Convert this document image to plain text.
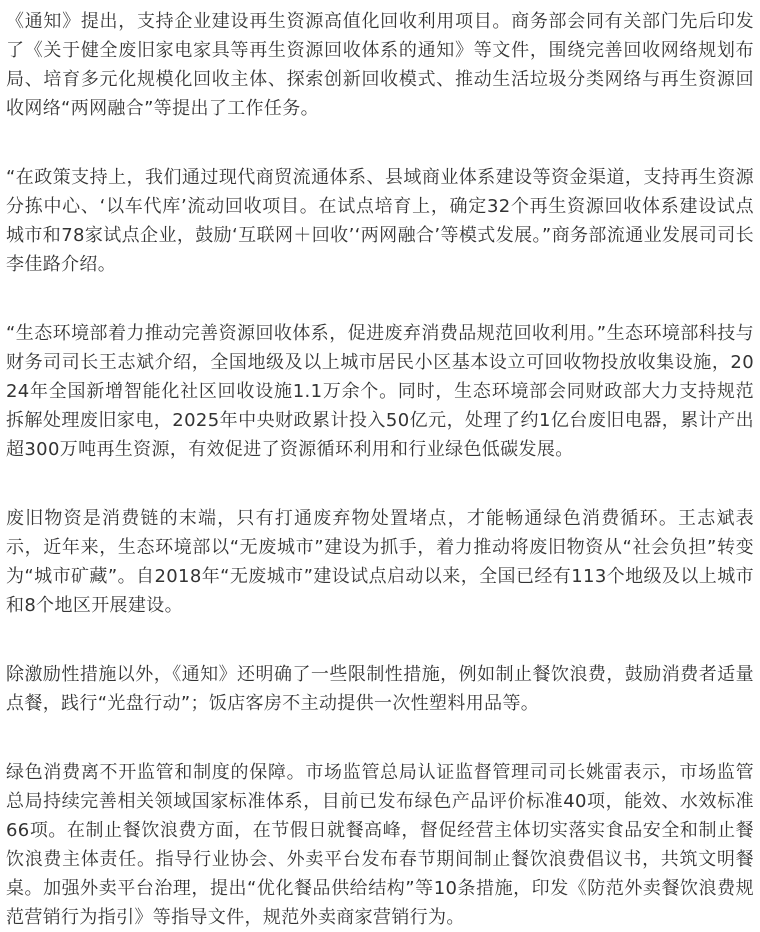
《通知》提出，支持企业建设再生资源高值化回收利用项目。商务部会同有关部门先后印发了《关于健全废旧家电家具等再生资源回收体系的通知》等文件，围绕完善回收网络规划布局、培育多元化规模化回收主体、探索创新回收模式、推动生活垃圾分类网络与再生资源回收网络“两网融合”等提出了工作任务。

“在政策支持上，我们通过现代商贸流通体系、县域商业体系建设等资金渠道，支持再生资源分拣中心、‘以车代库’流动回收项目。在试点培育上，确定32个再生资源回收体系建设试点城市和78家试点企业，鼓励‘互联网＋回收’‘两网融合’等模式发展。”商务部流通业发展司司长李佳路介绍。

“生态环境部着力推动完善资源回收体系，促进废弃消费品规范回收利用。”生态环境部科技与财务司司长王志斌介绍，全国地级及以上城市居民小区基本设立可回收物投放收集设施，2024年全国新增智能化社区回收设施1.1万余个。同时，生态环境部会同财政部大力支持规范拆解处理废旧家电，2025年中央财政累计投入50亿元，处理了约1亿台废旧电器，累计产出超300万吨再生资源，有效促进了资源循环利用和行业绿色低碳发展。

废旧物资是消费链的末端，只有打通废弃物处置堵点，才能畅通绿色消费循环。王志斌表示，近年来，生态环境部以“无废城市”建设为抓手，着力推动将废旧物资从“社会负担”转变为“城市矿藏”。自2018年“无废城市”建设试点启动以来，全国已经有113个地级及以上城市和8个地区开展建设。

除激励性措施以外，《通知》还明确了一些限制性措施，例如制止餐饮浪费，鼓励消费者适量点餐，践行“光盘行动”；饭店客房不主动提供一次性塑料用品等。

绿色消费离不开监管和制度的保障。市场监管总局认证监督管理司司长姚雷表示，市场监管总局持续完善相关领域国家标准体系，目前已发布绿色产品评价标准40项，能效、水效标准66项。在制止餐饮浪费方面，在节假日就餐高峰，督促经营主体切实落实食品安全和制止餐饮浪费主体责任。指导行业协会、外卖平台发布春节期间制止餐饮浪费倡议书，共筑文明餐桌。加强外卖平台治理，提出“优化餐品供给结构”等10条措施，印发《防范外卖餐饮浪费规范营销行为指引》等指导文件，规范外卖商家营销行为。
